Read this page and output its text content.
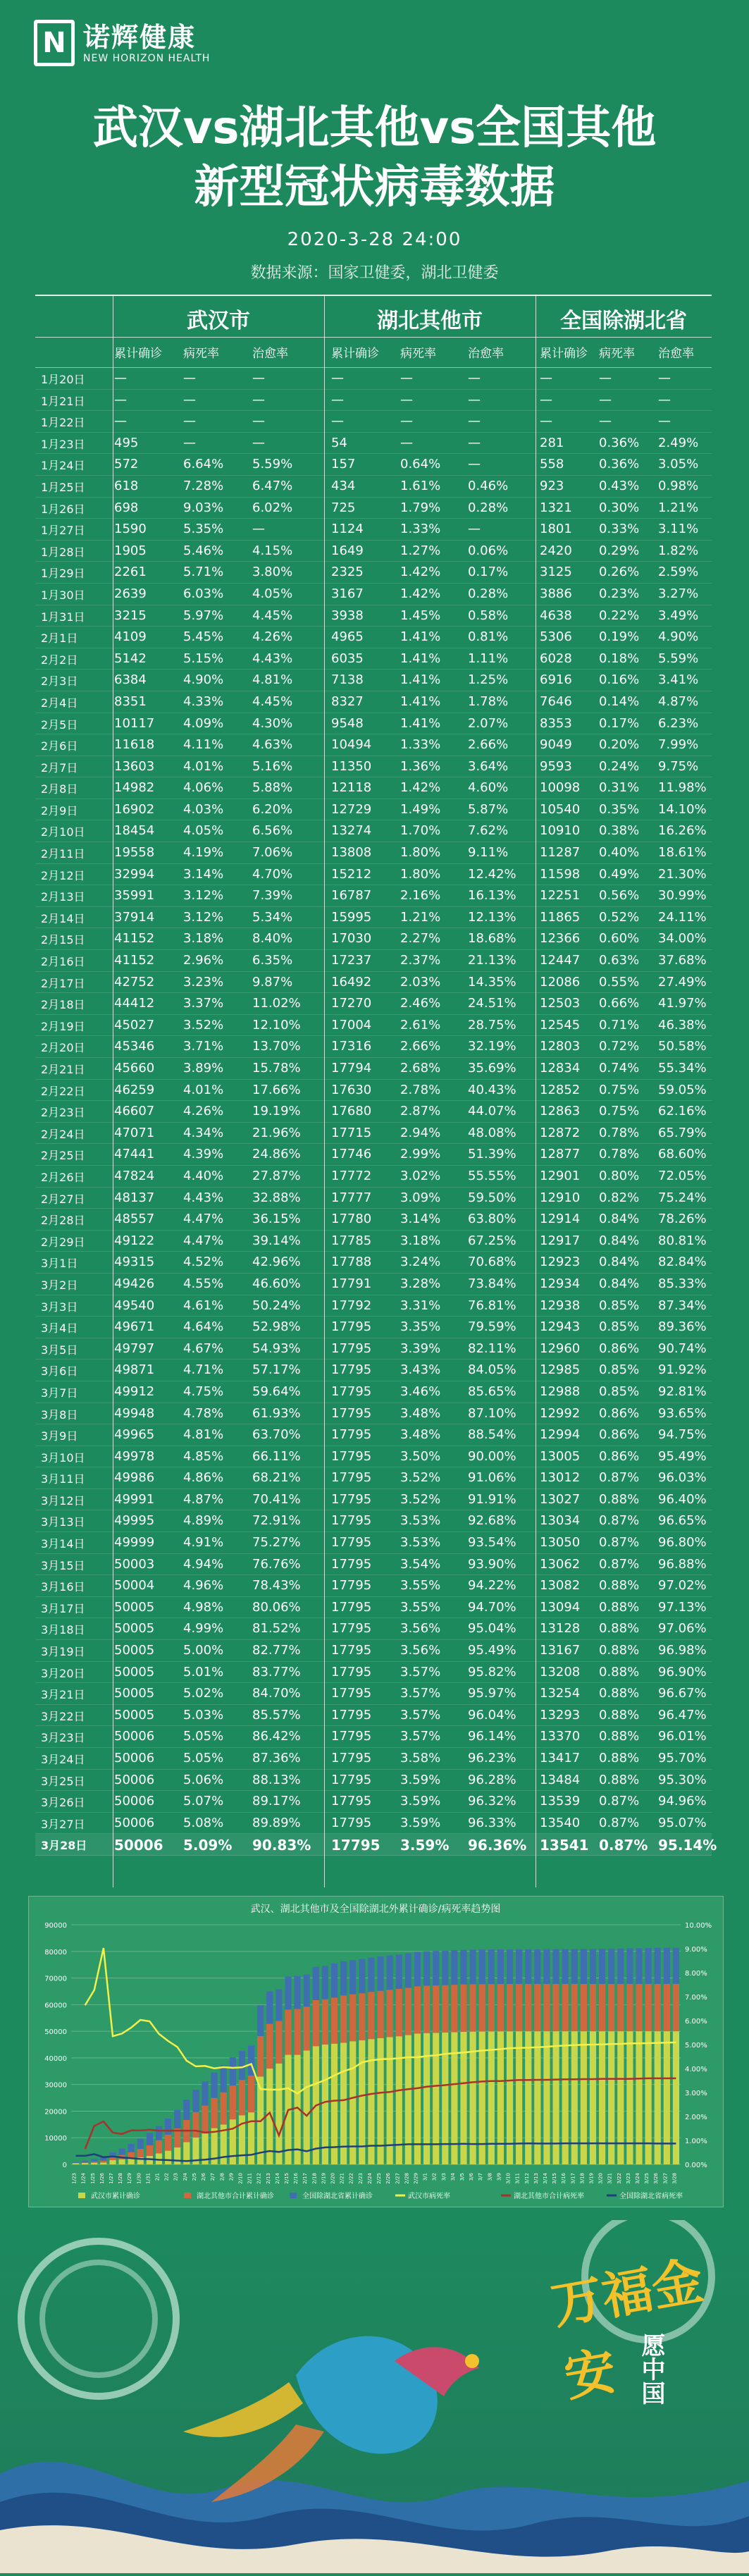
N 诺辉健康
NEW HORIZON HEALTH
武汉vs湖北其他vs全国其他
新型冠状病毒数据
2020-3-28 24:00
数据来源：国家卫健委，湖北卫健委
武汉市	湖北其他市	全国除湖北省
累计确诊 病死率	治愈率	累计确诊 病死率	治愈率	累计确诊 病死率 治愈率
1月20日 —	—	—	—	—	—	—	—	—
1月21日 —	—	—	—	—	—	—	—	—
1月22日 —	—	—	—	—	—	—	—	—
1月23日 495	—	—	54	—	—	281	0.36% 2.49%
1月24日 572	6.64% 5.59%	157	0.64% —	558	0.36% 3.05%
1月25日 618	7.28% 6.47%	434	1.61% 0.46% 923	0.43% 0.98%
1月26日 698	9.03% 6.02%	725	1.79% 0.28% 1321 0.30% 1.21%
1月27日 1590	5.35% —	1124	1.33% —	1801 0.33% 3.11%
1月28日 1905	5.46% 4.15%	1649	1.27% 0.06% 2420 0.29% 1.82%
1月29日 2261	5.71% 3.80%	2325	1.42% 0.17% 3125 0.26% 2.59%
1月30日 2639	6.03% 4.05%	3167	1.42% 0.28% 3886 0.23% 3.27%
1月31日 3215	5.97% 4.45%	3938	1.45% 0.58% 4638 0.22% 3.49%
2月1日	4109	5.45% 4.26%	4965	1.41% 0.81% 5306 0.19% 4.90%
2月2日	5142	5.15% 4.43%	6035	1.41% 1.11% 6028 0.18% 5.59%
2月3日	6384	4.90% 4.81%	7138	1.41% 1.25% 6916 0.16% 3.41%
2月4日	8351	4.33% 4.45%	8327	1.41% 1.78% 7646 0.14% 4.87%
2月5日	10117 4.09% 4.30%	9548	1.41% 2.07% 8353 0.17% 6.23%
2月6日	11618 4.11% 4.63%	10494 1.33% 2.66% 9049 0.20% 7.99%
2月7日	13603 4.01% 5.16%	11350 1.36% 3.64% 9593 0.24% 9.75%
2月8日	14982 4.06% 5.88%	12118 1.42% 4.60% 10098 0.31% 11.98%
2月9日	16902 4.03% 6.20%	12729 1.49% 5.87% 10540 0.35% 14.10%
2月10日 18454 4.05% 6.56%	13274 1.70% 7.62% 10910 0.38% 16.26%
2月11日 19558 4.19% 7.06%	13808 1.80% 9.11% 11287 0.40% 18.61%
2月12日 32994 3.14% 4.70%	15212 1.80% 12.42% 11598 0.49% 21.30%
2月13日 35991 3.12% 7.39%	16787 2.16% 16.13% 12251 0.56% 30.99%
2月14日 37914 3.12% 5.34%	15995 1.21% 12.13% 11865 0.52% 24.11%
2月15日 41152 3.18% 8.40%	17030 2.27% 18.68% 12366 0.60% 34.00%
2月16日 41152 2.96% 6.35%	17237 2.37% 21.13% 12447 0.63% 37.68%
2月17日 42752 3.23% 9.87%	16492 2.03% 14.35% 12086 0.55% 27.49%
2月18日 44412 3.37% 11.02% 17270 2.46% 24.51% 12503 0.66% 41.97%
2月19日 45027 3.52% 12.10% 17004 2.61% 28.75% 12545 0.71% 46.38%
2月20日 45346 3.71% 13.70% 17316 2.66% 32.19% 12803 0.72% 50.58%
2月21日 45660 3.89% 15.78% 17794 2.68% 35.69% 12834 0.74% 55.34%
2月22日 46259 4.01% 17.66% 17630 2.78% 40.43% 12852 0.75% 59.05%
2月23日 46607 4.26% 19.19% 17680 2.87% 44.07% 12863 0.75% 62.16%
2月24日 47071 4.34% 21.96% 17715 2.94% 48.08% 12872 0.78% 65.79%
2月25日 47441 4.39% 24.86% 17746 2.99% 51.39% 12877 0.78% 68.60%
2月26日 47824 4.40% 27.87% 17772 3.02% 55.55% 12901 0.80% 72.05%
2月27日 48137 4.43% 32.88% 17777 3.09% 59.50% 12910 0.82% 75.24%
2月28日 48557 4.47% 36.15% 17780 3.14% 63.80% 12914 0.84% 78.26%
2月29日 49122 4.47% 39.14% 17785 3.18% 67.25% 12917 0.84% 80.81%
3月1日	49315 4.52% 42.96% 17788 3.24% 70.68% 12923 0.84% 82.84%
3月2日	49426 4.55% 46.60% 17791 3.28% 73.84% 12934 0.84% 85.33%
3月3日	49540 4.61% 50.24% 17792 3.31% 76.81% 12938 0.85% 87.34%
3月4日	49671 4.64% 52.98% 17795 3.35% 79.59% 12943 0.85% 89.36%
3月5日	49797 4.67% 54.93% 17795 3.39% 82.11% 12960 0.86% 90.74%
3月6日	49871 4.71% 57.17% 17795 3.43% 84.05% 12985 0.85% 91.92%
3月7日	49912 4.75% 59.64% 17795 3.46% 85.65% 12988 0.85% 92.81%
3月8日	49948 4.78% 61.93% 17795 3.48% 87.10% 12992 0.86% 93.65%
3月9日	49965 4.81% 63.70% 17795 3.48% 88.54% 12994 0.86% 94.75%
3月10日 49978 4.85% 66.11% 17795 3.50% 90.00% 13005 0.86% 95.49%
3月11日 49986 4.86% 68.21% 17795 3.52% 91.06% 13012 0.87% 96.03%
3月12日 49991 4.87% 70.41% 17795 3.52% 91.91% 13027 0.88% 96.40%
3月13日 49995 4.89% 72.91% 17795 3.53% 92.68% 13034 0.87% 96.65%
3月14日 49999 4.91% 75.27% 17795 3.53% 93.54% 13050 0.87% 96.80%
3月15日 50003 4.94% 76.76% 17795 3.54% 93.90% 13062 0.87% 96.88%
3月16日 50004 4.96% 78.43% 17795 3.55% 94.22% 13082 0.88% 97.02%
3月17日 50005 4.98% 80.06% 17795 3.55% 94.70% 13094 0.88% 97.13%
3月18日 50005 4.99% 81.52% 17795 3.56% 95.04% 13128 0.88% 97.06%
3月19日 50005 5.00% 82.77% 17795 3.56% 95.49% 13167 0.88% 96.98%
3月20日 50005 5.01% 83.77% 17795 3.57% 95.82% 13208 0.88% 96.90%
3月21日 50005 5.02% 84.70% 17795 3.57% 95.97% 13254 0.88% 96.67%
3月22日 50005 5.03% 85.57% 17795 3.57% 96.04% 13293 0.88% 96.47%
3月23日 50006 5.05% 86.42% 17795 3.57% 96.14% 13370 0.88% 96.01%
3月24日 50006 5.05% 87.36% 17795 3.58% 96.23% 13417 0.88% 95.70%
3月25日 50006 5.06% 88.13% 17795 3.59% 96.28% 13484 0.88% 95.30%
3月26日 50006 5.07% 89.17% 17795 3.59% 96.32% 13539 0.87% 94.96%
3月27日 50006 5.08% 89.89% 17795 3.59% 96.33% 13540 0.87% 95.07%
3月28日 50006 5.09% 90.83% 17795 3.59% 96.36% 13541 0.87% 95.14%
武汉、湖北其他市及全国除湖北外累计确诊/病死率趋势图
0
10000
20000
30000
40000
50000
60000
70000
80000
90000
0.00%
1.00%
2.00%
3.00%
4.00%
5.00%
6.00%
7.00%
8.00%
9.00%
10.00%
1/23 1/24 1/25 1/26 1/27 1/28 1/29 1/30 1/31 2/1 2/2 2/3 2/4 2/5 2/6 2/7 2/8 2/9 2/10 2/11 2/12 2/13 2/14 2/15 2/16 2/17 2/18 2/19 2/20 2/21 2/22 2/23 2/24 2/25 2/26 2/27 2/28 2/29 3/1 3/2 3/3 3/4 3/5 3/6 3/7 3/8 3/9 3/10 3/11 3/12 3/13 3/14 3/15 3/16 3/17 3/18 3/19 3/20 3/21 3/22 3/23 3/24 3/25 3/26 3/27 3/28
武汉市累计确诊	湖北其他市合计累计确诊	全国除湖北省累计确诊	武汉市病死率	湖北其他市合计病死率	全国除湖北省病死率
万福金安 愿中国
